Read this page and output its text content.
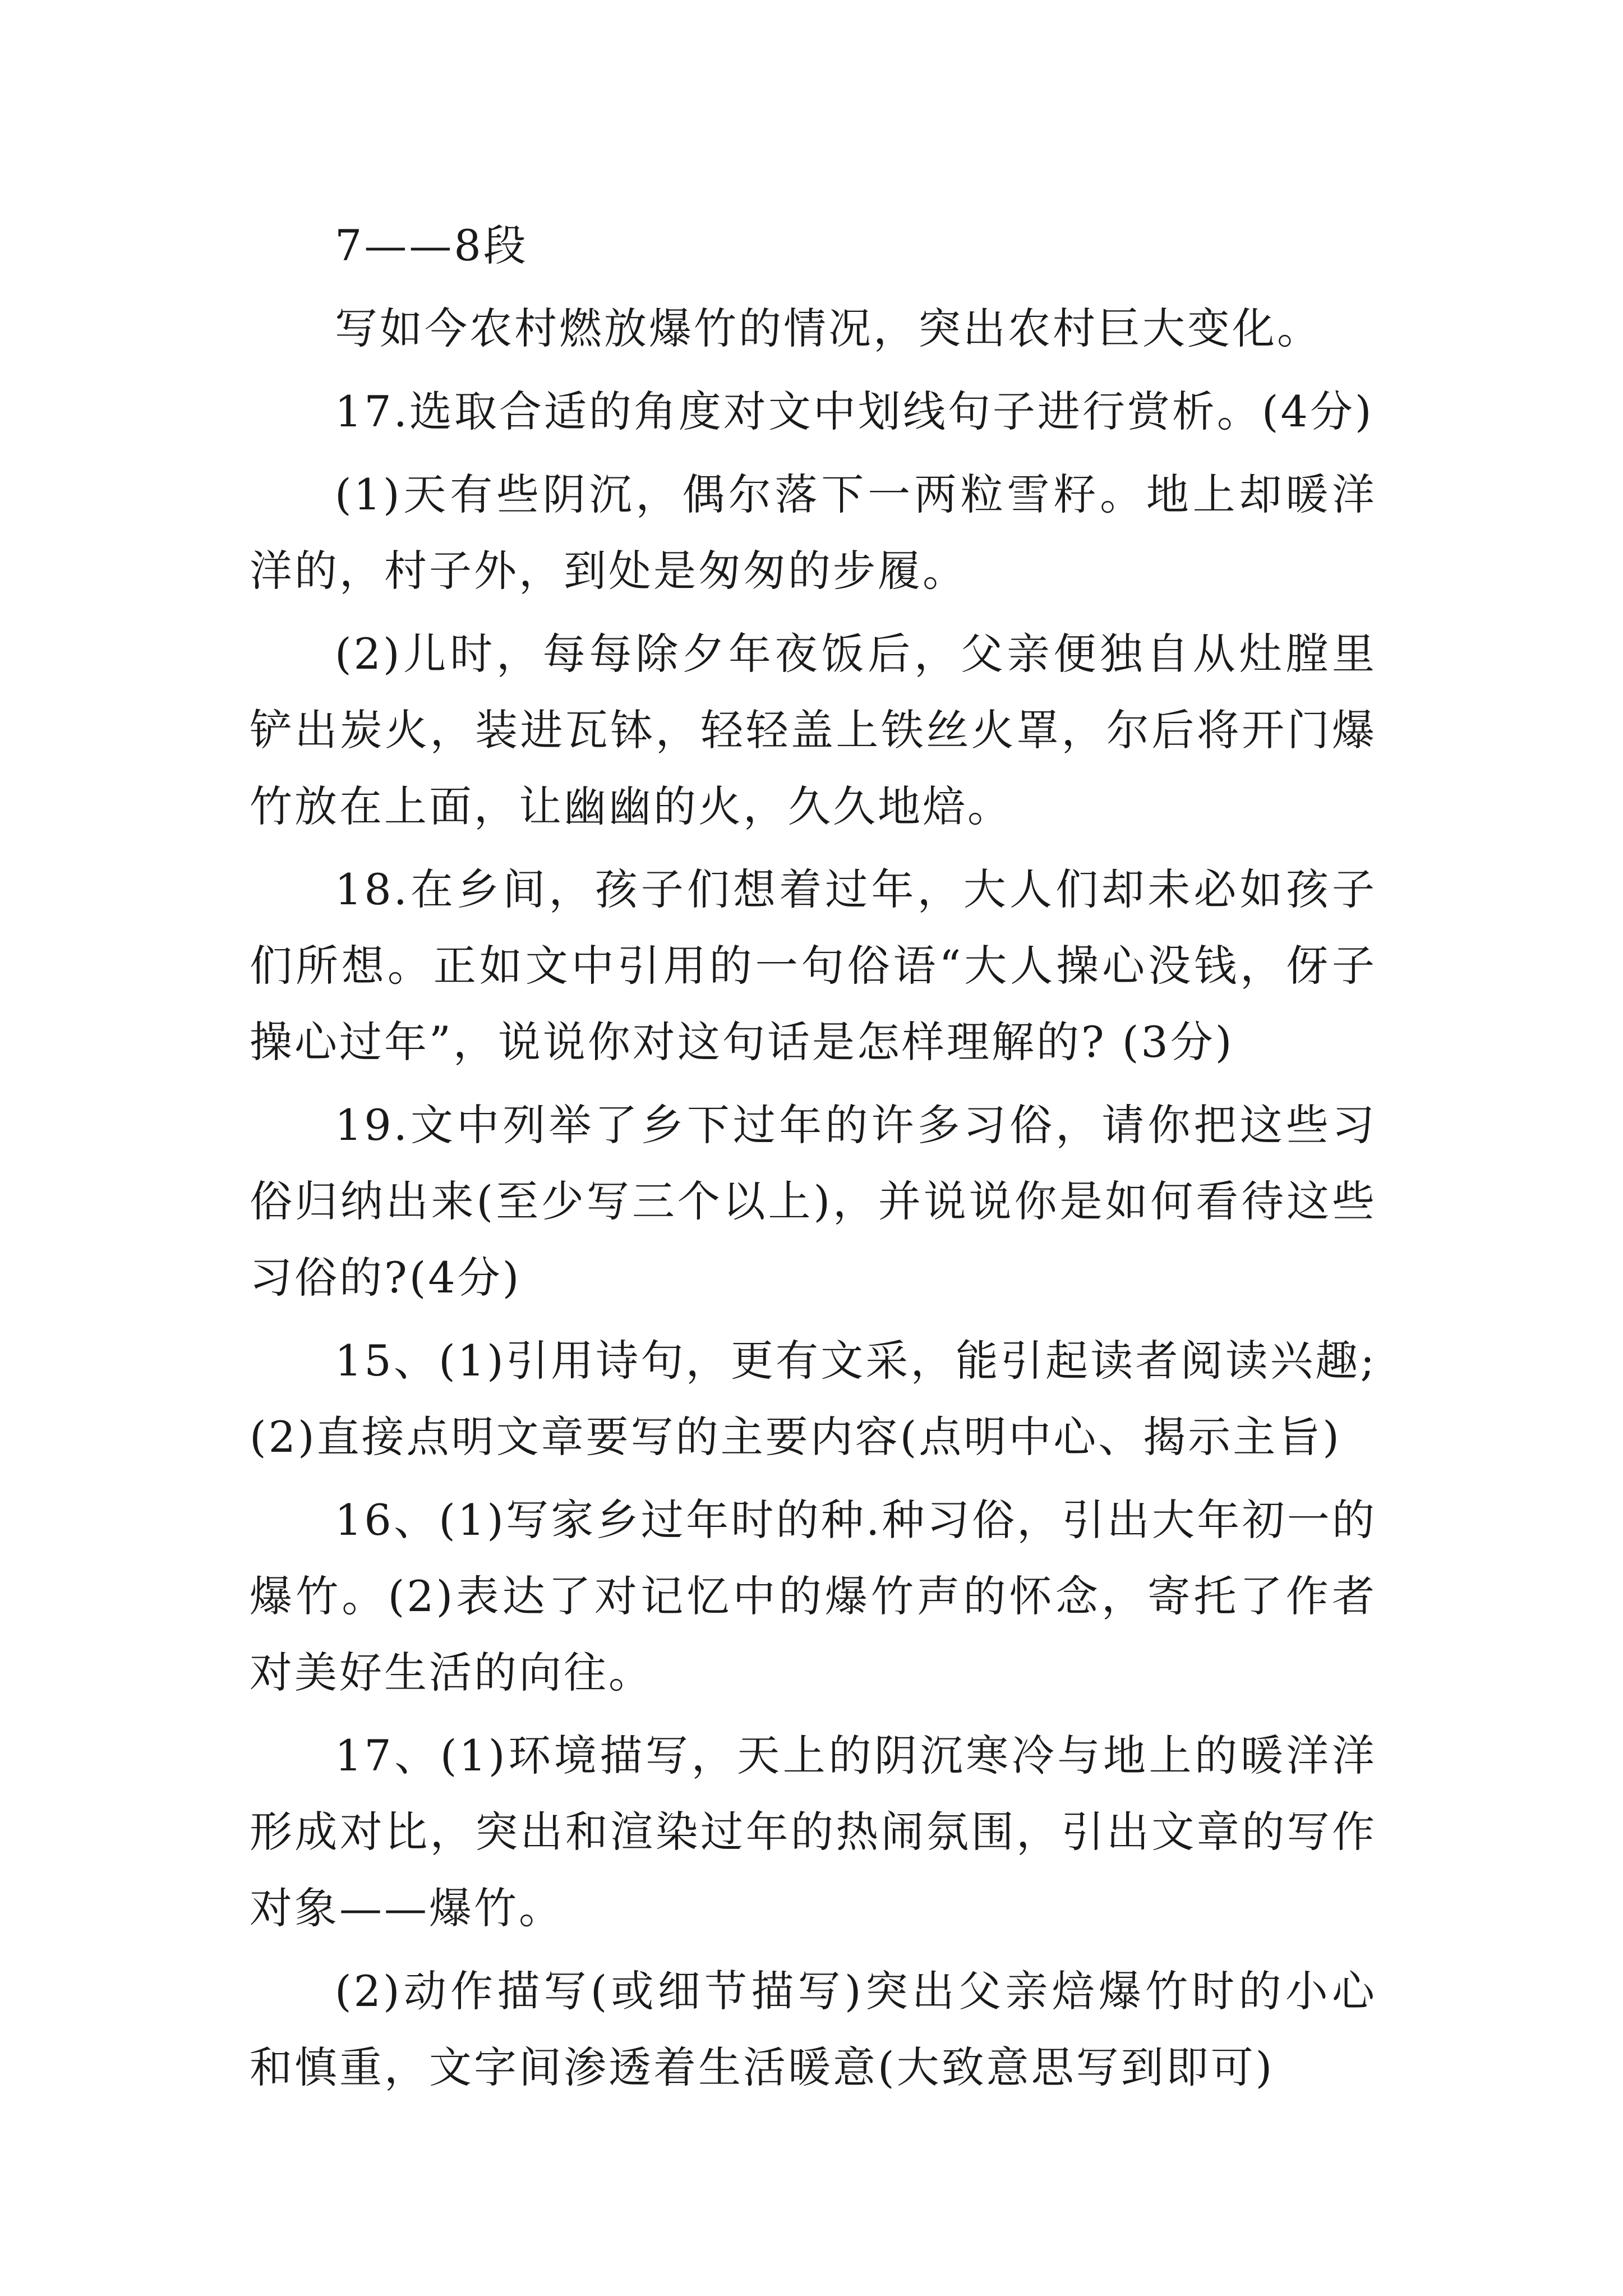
7——8段

写如今农村燃放爆竹的情况，突出农村巨大变化。

17.选取合适的角度对文中划线句子进行赏析。(4分)

(1)天有些阴沉，偶尔落下一两粒雪籽。地上却暖洋洋的，村子外，到处是匆匆的步履。

(2)儿时，每每除夕年夜饭后，父亲便独自从灶膛里铲出炭火，装进瓦钵，轻轻盖上铁丝火罩，尔后将开门爆竹放在上面，让幽幽的火，久久地焙。

18.在乡间，孩子们想着过年，大人们却未必如孩子们所想。正如文中引用的一句俗语“大人操心没钱，伢子操心过年”，说说你对这句话是怎样理解的? (3分)

19.文中列举了乡下过年的许多习俗，请你把这些习俗归纳出来(至少写三个以上)，并说说你是如何看待这些习俗的?(4分)

15、(1)引用诗句，更有文采，能引起读者阅读兴趣;(2)直接点明文章要写的主要内容(点明中心、揭示主旨)

16、(1)写家乡过年时的种.种习俗，引出大年初一的爆竹。(2)表达了对记忆中的爆竹声的怀念，寄托了作者对美好生活的向往。

17、(1)环境描写，天上的阴沉寒冷与地上的暖洋洋形成对比，突出和渲染过年的热闹氛围，引出文章的写作对象——爆竹。

(2)动作描写(或细节描写)突出父亲焙爆竹时的小心和慎重，文字间渗透着生活暖意(大致意思写到即可)
